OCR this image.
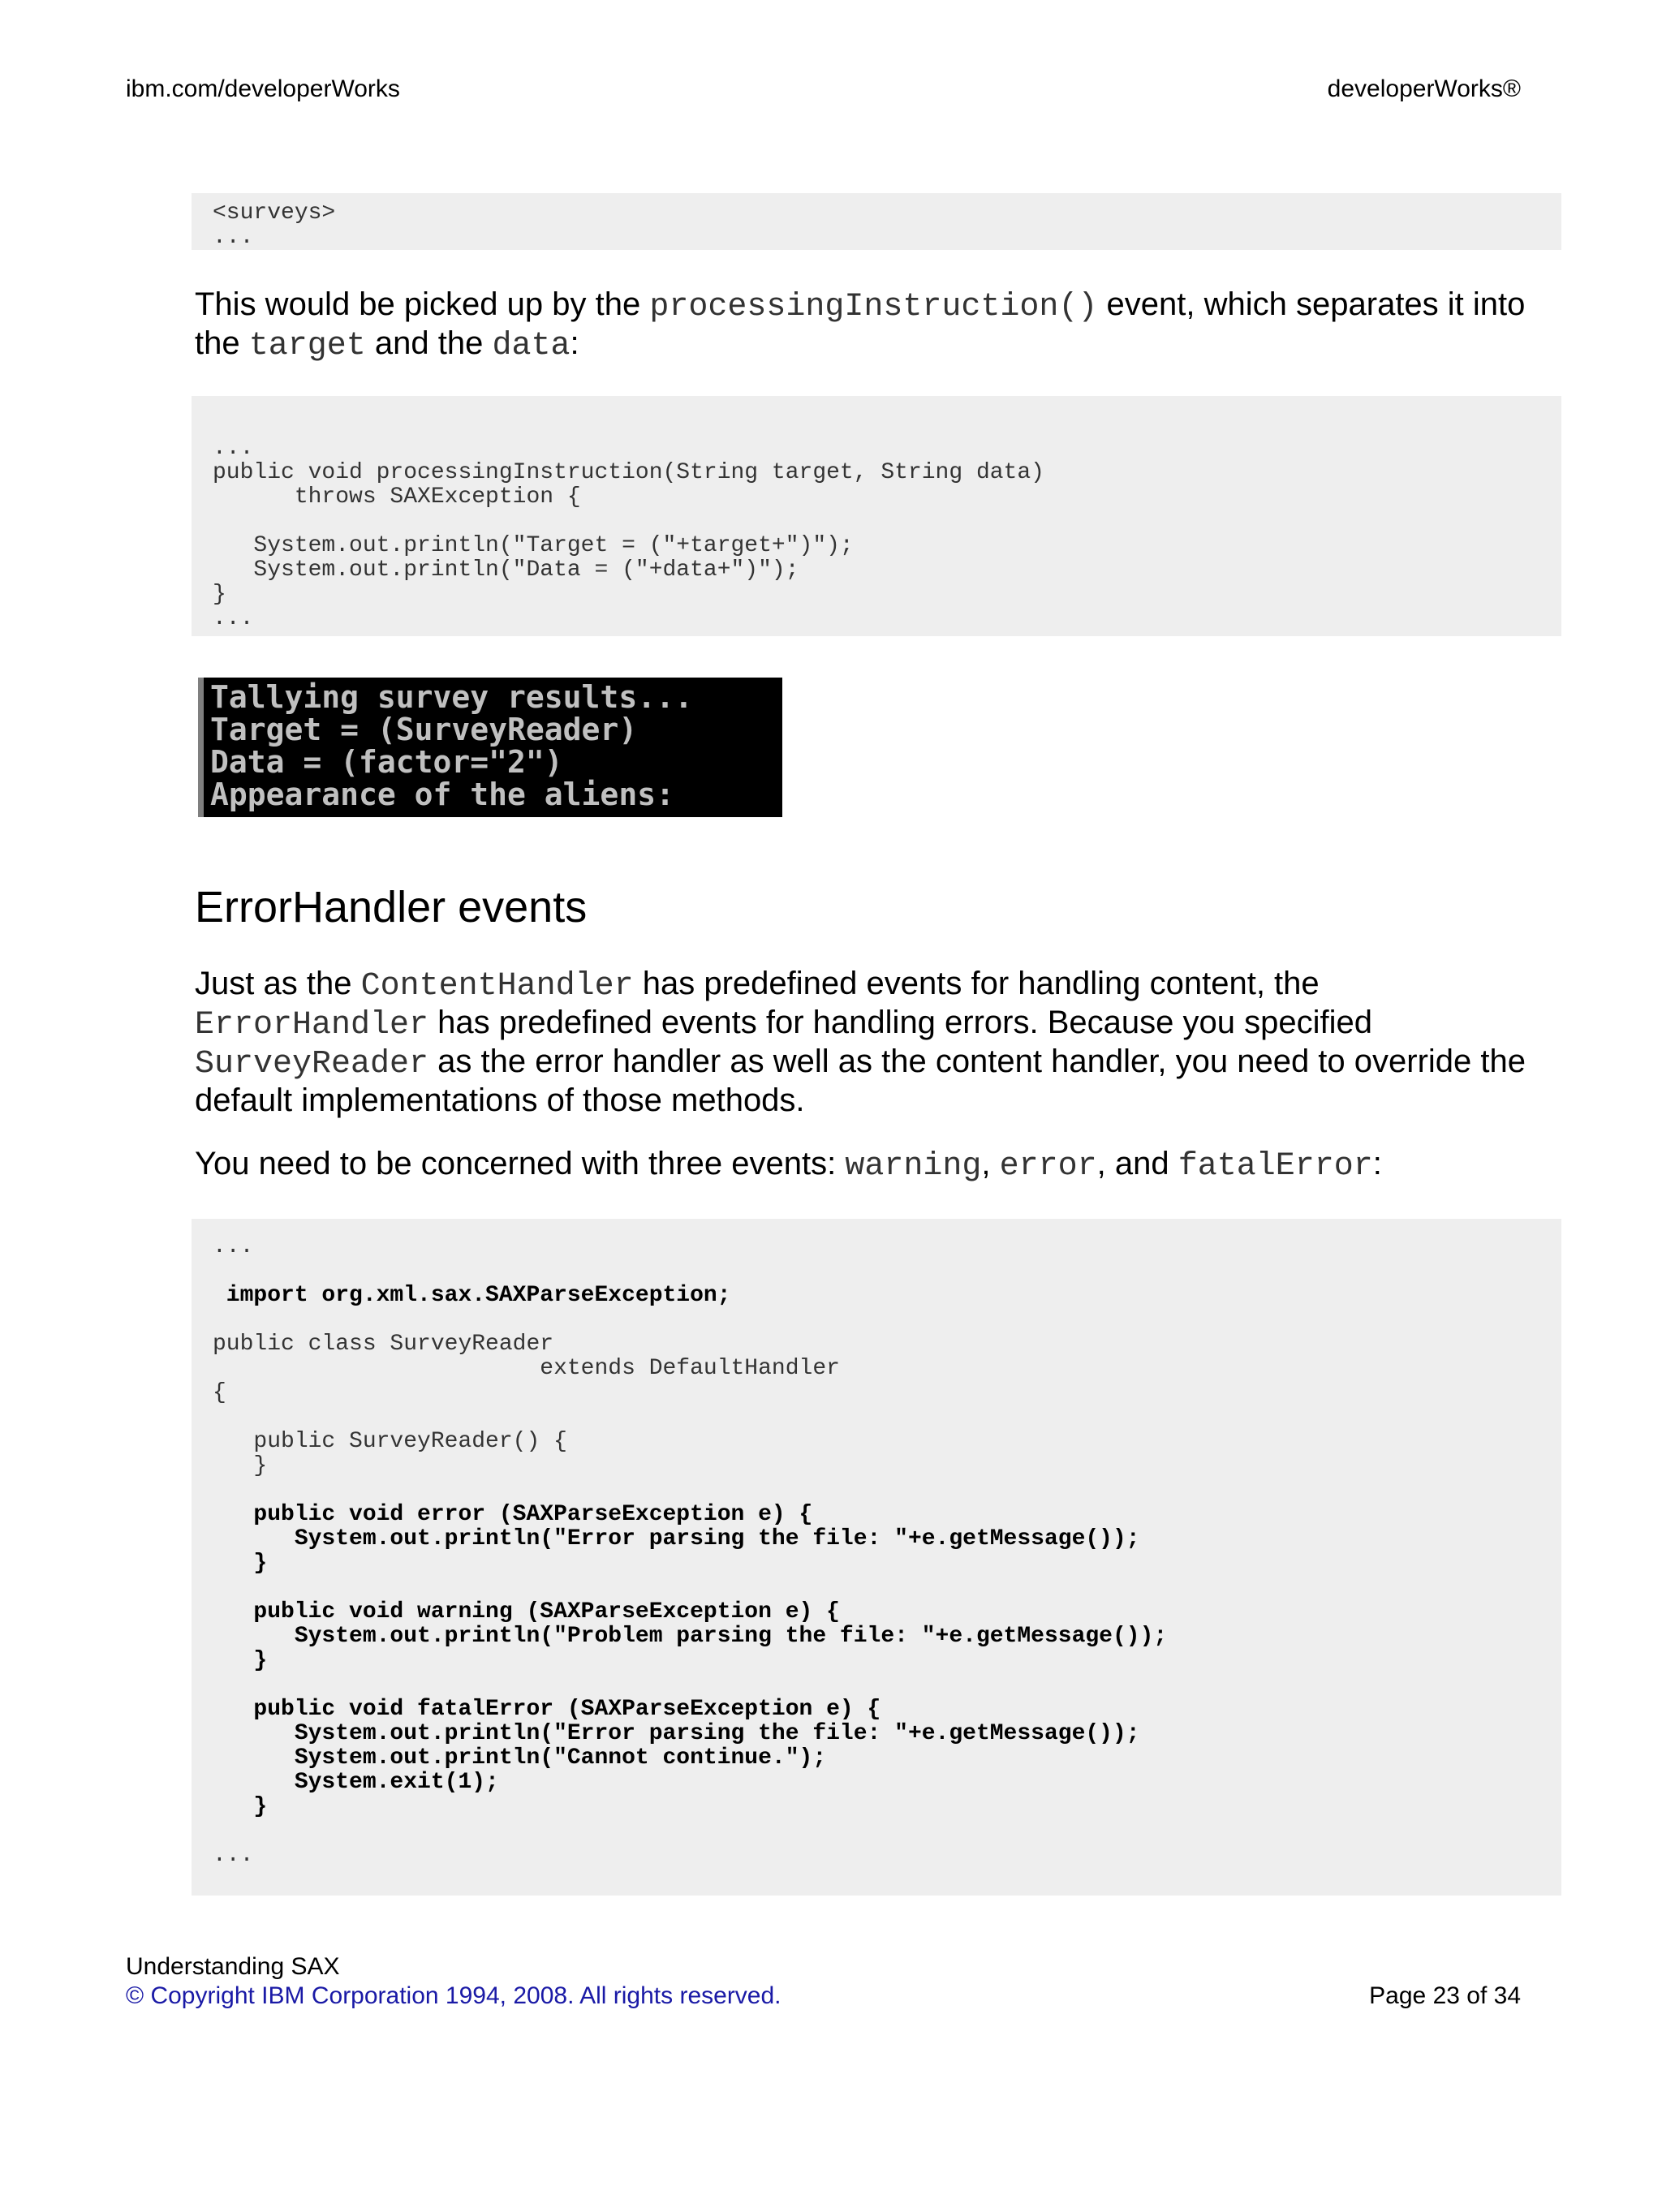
ibm.com/developerWorks	developerWorks®
<surveys>
...

This would be picked up by the processingInstruction() event, which separates it into the target and the data:

...
public void processingInstruction(String target, String data)
throws SAXException {

System.out.println("Target = ("+target+")");
System.out.println("Data = ("+data+")");
}
...
Tallying survey results...
Target = (SurveyReader)
Data = (factor="2")
Appearance of the aliens:
ErrorHandler events

Just as the ContentHandler has predefined events for handling content, the ErrorHandler has predefined events for handling errors. Because you specified SurveyReader as the error handler as well as the content handler, you need to override the default implementations of those methods.

You need to be concerned with three events: warning, error, and fatalError:

...

import org.xml.sax.SAXParseException;

public class SurveyReader
extends DefaultHandler
{

public SurveyReader() {
}

public void error (SAXParseException e) {
System.out.println("Error parsing the file: "+e.getMessage());
}

public void warning (SAXParseException e) {
System.out.println("Problem parsing the file: "+e.getMessage());
}

public void fatalError (SAXParseException e) {
System.out.println("Error parsing the file: "+e.getMessage());
System.out.println("Cannot continue.");
System.exit(1);
}

...
Understanding SAX
© Copyright IBM Corporation 1994, 2008. All rights reserved.	Page 23 of 34
